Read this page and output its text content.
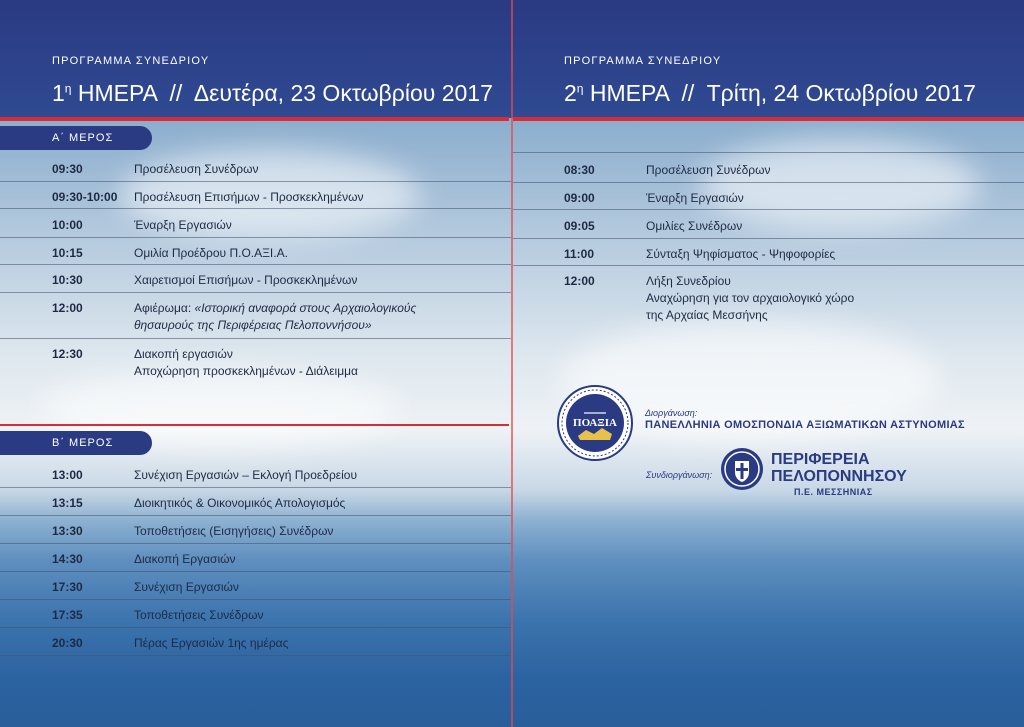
ΠΡΟΓΡΑΜΜΑ ΣΥΝΕΔΡΙΟΥ
$1^\eta$ ΗΜΕΡΑ  //  Δευτέρα, 23 Οκτωβρίου 2017
Α΄ ΜΕΡΟΣ
09:30	Προσέλευση Συνέδρων
09:30-10:00 Προσέλευση Επισήμων - Προσκεκλημένων
10:00	Έναρξη Εργασιών
10:15	Ομιλία Προέδρου Π.Ο.ΑΞΙ.Α.
10:30	Χαιρετισμοί Επισήμων - Προσκεκλημένων
12:00	Αφιέρωμα: «Ιστορική αναφορά στους Αρχαιολογικούς
θησαυρούς της Περιφέρειας Πελοποννήσου»
12:30	Διακοπή εργασιών
Αποχώρηση προσκεκλημένων - Διάλειμμα
Β΄ ΜΕΡΟΣ
13:00	Συνέχιση Εργασιών – Εκλογή Προεδρείου
13:15	Διοικητικός & Οικονομικός Απολογισμός
13:30	Τοποθετήσεις (Εισηγήσεις) Συνέδρων
14:30	Διακοπή Εργασιών
17:30	Συνέχιση Εργασιών
17:35	Τοποθετήσεις Συνέδρων
20:30	Πέρας Εργασιών 1ης ημέρας
ΠΡΟΓΡΑΜΜΑ ΣΥΝΕΔΡΙΟΥ
$2^\eta$ ΗΜΕΡΑ  //  Τρίτη, 24 Οκτωβρίου 2017
08:30	Προσέλευση Συνέδρων
09:00	Έναρξη Εργασιών
09:05	Ομιλίες Συνέδρων
11:00	Σύνταξη Ψηφίσματος - Ψηφοφορίες
12:00	Λήξη Συνεδρίου
Αναχώρηση για τον αρχαιολογικό χώρο
της Αρχαίας Μεσσήνης
ΠΟΑΞΙΑ
Διοργάνωση:
ΠΑΝΕΛΛΗΝΙΑ ΟΜΟΣΠΟΝΔΙΑ ΑΞΙΩΜΑΤΙΚΩΝ ΑΣΤΥΝΟΜΙΑΣ
Συνδιοργάνωση:
ΠΕΡΙΦΕΡΕΙΑ
ΠΕΛΟΠΟΝΝΗΣΟΥ
Π.Ε. ΜΕΣΣΗΝΙΑΣ
